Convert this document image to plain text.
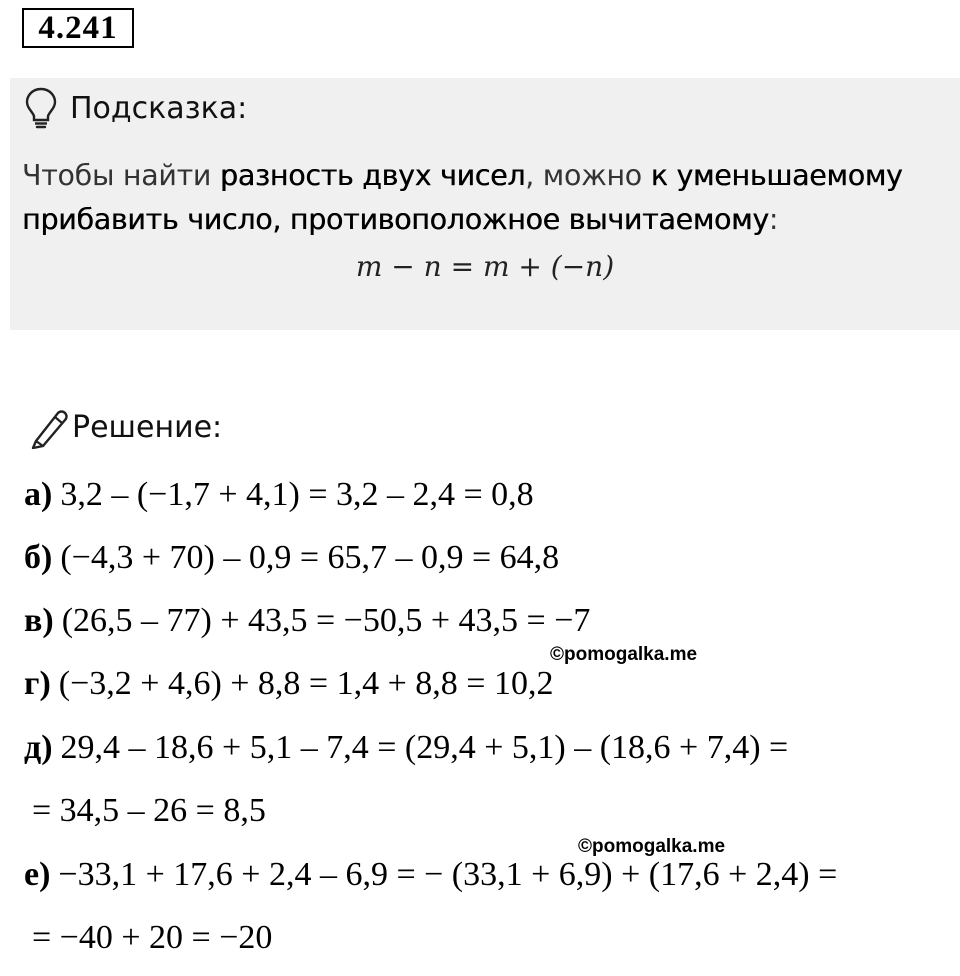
4.241
Подсказка:
Чтобы найти разность двух чисел, можно к уменьшаемому прибавить число, противоположное вычитаемому:
m − n = m + (−n)
Решение:
а) 3,2 – (−1,7 + 4,1) = 3,2 – 2,4 = 0,8
б) (−4,3 + 70) – 0,9 = 65,7 – 0,9 = 64,8
в) (26,5 – 77) + 43,5 = −50,5 + 43,5 = −7
©pomogalka.me
г) (−3,2 + 4,6) + 8,8 = 1,4 + 8,8 = 10,2
д) 29,4 – 18,6 + 5,1 – 7,4 = (29,4 + 5,1) – (18,6 + 7,4) =
= 34,5 – 26 = 8,5
©pomogalka.me
е) −33,1 + 17,6 + 2,4 – 6,9 = − (33,1 + 6,9) + (17,6 + 2,4) =
= −40 + 20 = −20
